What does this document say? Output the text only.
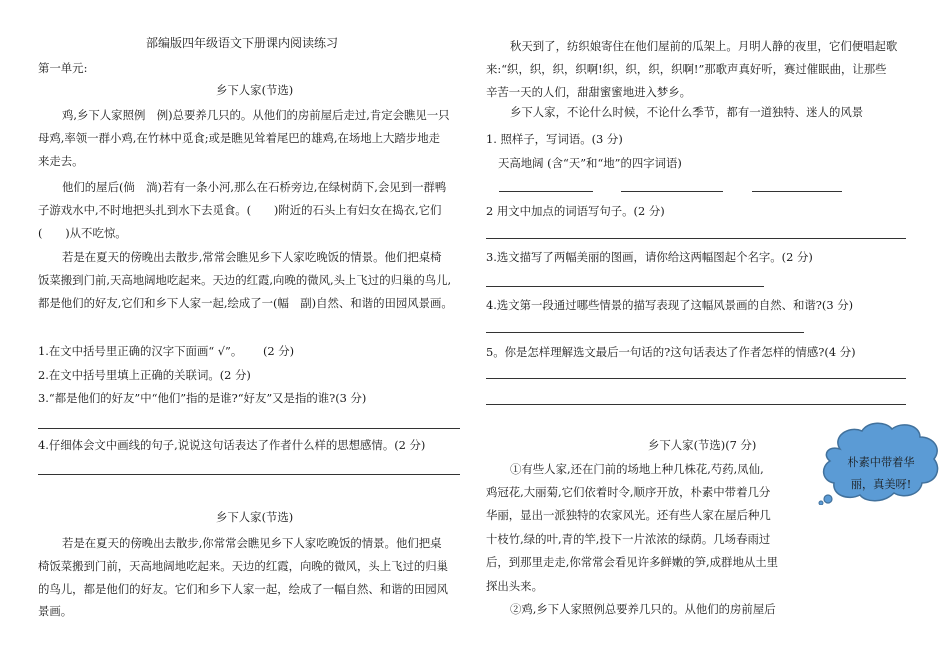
部编版四年级语文下册课内阅读练习
第一单元:
乡下人家(节选)
鸡,乡下人家照例　例)总要养几只的。从他们的房前屋后走过,肯定会瞧见一只
母鸡,率领一群小鸡,在竹林中觅食;或是瞧见耸着尾巴的雄鸡,在场地上大踏步地走
来走去。
他们的屋后(倘　淌)若有一条小河,那么在石桥旁边,在绿树荫下,会见到一群鸭
子游戏水中,不时地把头扎到水下去觅食。(　　)附近的石头上有妇女在捣衣,它们
(　　)从不吃惊。
若是在夏天的傍晚出去散步,常常会瞧见乡下人家吃晚饭的情景。他们把桌椅
饭菜搬到门前,天高地阔地吃起来。天边的红霞,向晚的微风,头上飞过的归巢的鸟儿,
都是他们的好友,它们和乡下人家一起,绘成了一(幅　副)自然、和谐的田园风景画。
1.在文中括号里正确的汉字下面画“ √”。　　 (2 分)
2.在文中括号里填上正确的关联词。(2 分)
3.“都是他们的好友”中“他们”指的是谁?“好友”又是指的谁?(3 分)
4.仔细体会文中画线的句子,说说这句话表达了作者什么样的思想感情。(2 分)
乡下人家(节选)
若是在夏天的傍晚出去散步,你常常会瞧见乡下人家吃晚饭的情景。他们把桌
椅饭菜搬到门前，天高地阔地吃起来。天边的红霞，向晚的微风，头上飞过的归巢
的鸟儿，都是他们的好友。它们和乡下人家一起，绘成了一幅自然、和谐的田园风
景画。
秋天到了，纺织娘寄住在他们屋前的瓜架上。月明人静的夜里，它们便唱起歌
来:“织，织，织，织啊!织，织，织，织啊!”那歌声真好听，赛过催眠曲，让那些
辛苦一天的人们，甜甜蜜蜜地进入梦乡。
乡下人家，不论什么时候，不论什么季节，都有一道独特、迷人的风景
1. 照样子，写词语。(3 分)
天高地阔 (含“天”和“地”的四字词语)
2 用文中加点的词语写句子。(2 分)
3.选文描写了两幅美丽的图画，请你给这两幅图起个名字。(2 分)
4.选文第一段通过哪些情景的描写表现了这幅风景画的自然、和谐?(3 分)
5。你是怎样理解选文最后一句话的?这句话表达了作者怎样的情感?(4 分)
乡下人家(节选)(7 分)
①有些人家,还在门前的场地上种几株花,芍药,凤仙,
鸡冠花,大丽菊,它们依着时令,顺序开放，朴素中带着几分
华丽，显出一派独特的农家风光。还有些人家在屋后种几
十枝竹,绿的叶,青的竿,投下一片浓浓的绿荫。几场春雨过
后，到那里走走,你常常会看见许多鲜嫩的笋,成群地从土里
探出头来。
②鸡,乡下人家照例总要养几只的。从他们的房前屋后
朴素中带着华丽，真美呀!
